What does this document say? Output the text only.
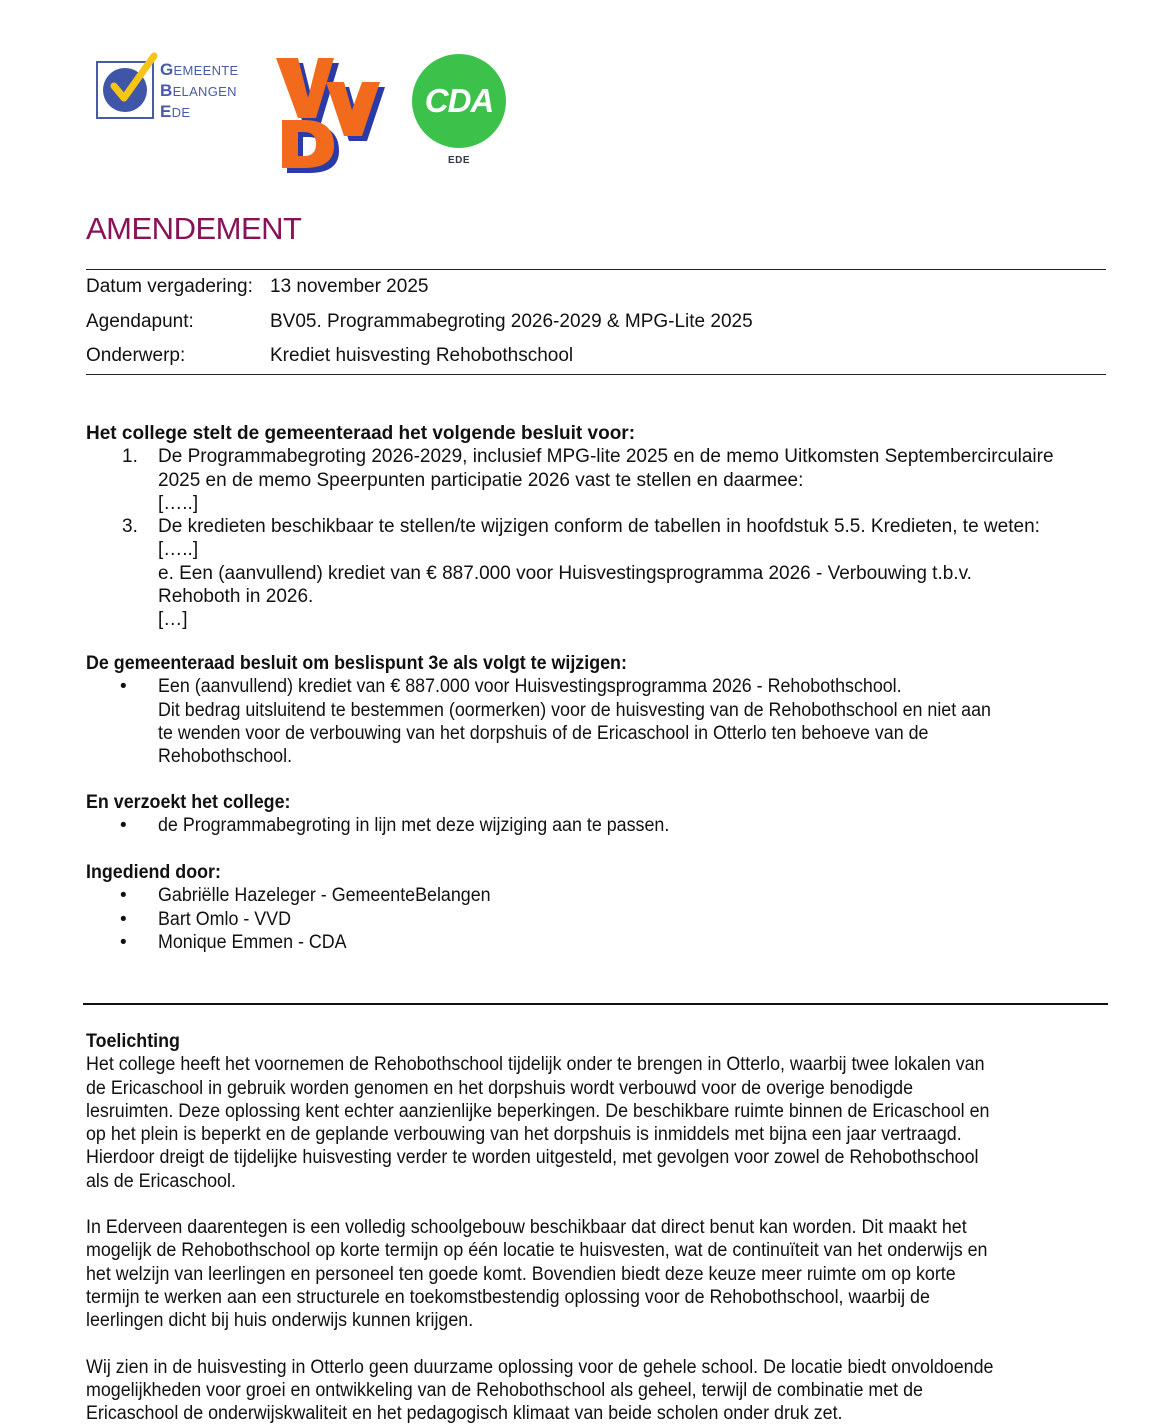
GEMEENTE
BELANGEN
EDE	CDA
EDE
AMENDEMENT
Datum vergadering: 13 november 2025
Agendapunt:	BV05. Programmabegroting 2026-2029 & MPG-Lite 2025
Onderwerp:	Krediet huisvesting Rehobothschool
Het college stelt de gemeenteraad het volgende besluit voor:
1.	De Programmabegroting 2026-2029, inclusief MPG-lite 2025 en de memo Uitkomsten Septembercirculaire
2025 en de memo Speerpunten participatie 2026 vast te stellen en daarmee:
[…..]
3.	De kredieten beschikbaar te stellen/te wijzigen conform de tabellen in hoofdstuk 5.5. Kredieten, te weten:
[…..]
e. Een (aanvullend) krediet van € 887.000 voor Huisvestingsprogramma 2026 - Verbouwing t.b.v.
Rehoboth in 2026.
[…]
De gemeenteraad besluit om beslispunt 3e als volgt te wijzigen:
•	Een (aanvullend) krediet van € 887.000 voor Huisvestingsprogramma 2026 - Rehobothschool.
Dit bedrag uitsluitend te bestemmen (oormerken) voor de huisvesting van de Rehobothschool en niet aan
te wenden voor de verbouwing van het dorpshuis of de Ericaschool in Otterlo ten behoeve van de
Rehobothschool.
En verzoekt het college:
•	de Programmabegroting in lijn met deze wijziging aan te passen.
Ingediend door:
•	Gabriëlle Hazeleger - GemeenteBelangen
•	Bart Omlo - VVD
•	Monique Emmen - CDA
Toelichting
Het college heeft het voornemen de Rehobothschool tijdelijk onder te brengen in Otterlo, waarbij twee lokalen van
de Ericaschool in gebruik worden genomen en het dorpshuis wordt verbouwd voor de overige benodigde
lesruimten. Deze oplossing kent echter aanzienlijke beperkingen. De beschikbare ruimte binnen de Ericaschool en
op het plein is beperkt en de geplande verbouwing van het dorpshuis is inmiddels met bijna een jaar vertraagd.
Hierdoor dreigt de tijdelijke huisvesting verder te worden uitgesteld, met gevolgen voor zowel de Rehobothschool
als de Ericaschool.
In Ederveen daarentegen is een volledig schoolgebouw beschikbaar dat direct benut kan worden. Dit maakt het
mogelijk de Rehobothschool op korte termijn op één locatie te huisvesten, wat de continuïteit van het onderwijs en
het welzijn van leerlingen en personeel ten goede komt. Bovendien biedt deze keuze meer ruimte om op korte
termijn te werken aan een structurele en toekomstbestendig oplossing voor de Rehobothschool, waarbij de
leerlingen dicht bij huis onderwijs kunnen krijgen.
Wij zien in de huisvesting in Otterlo geen duurzame oplossing voor de gehele school. De locatie biedt onvoldoende
mogelijkheden voor groei en ontwikkeling van de Rehobothschool als geheel, terwijl de combinatie met de
Ericaschool de onderwijskwaliteit en het pedagogisch klimaat van beide scholen onder druk zet.
